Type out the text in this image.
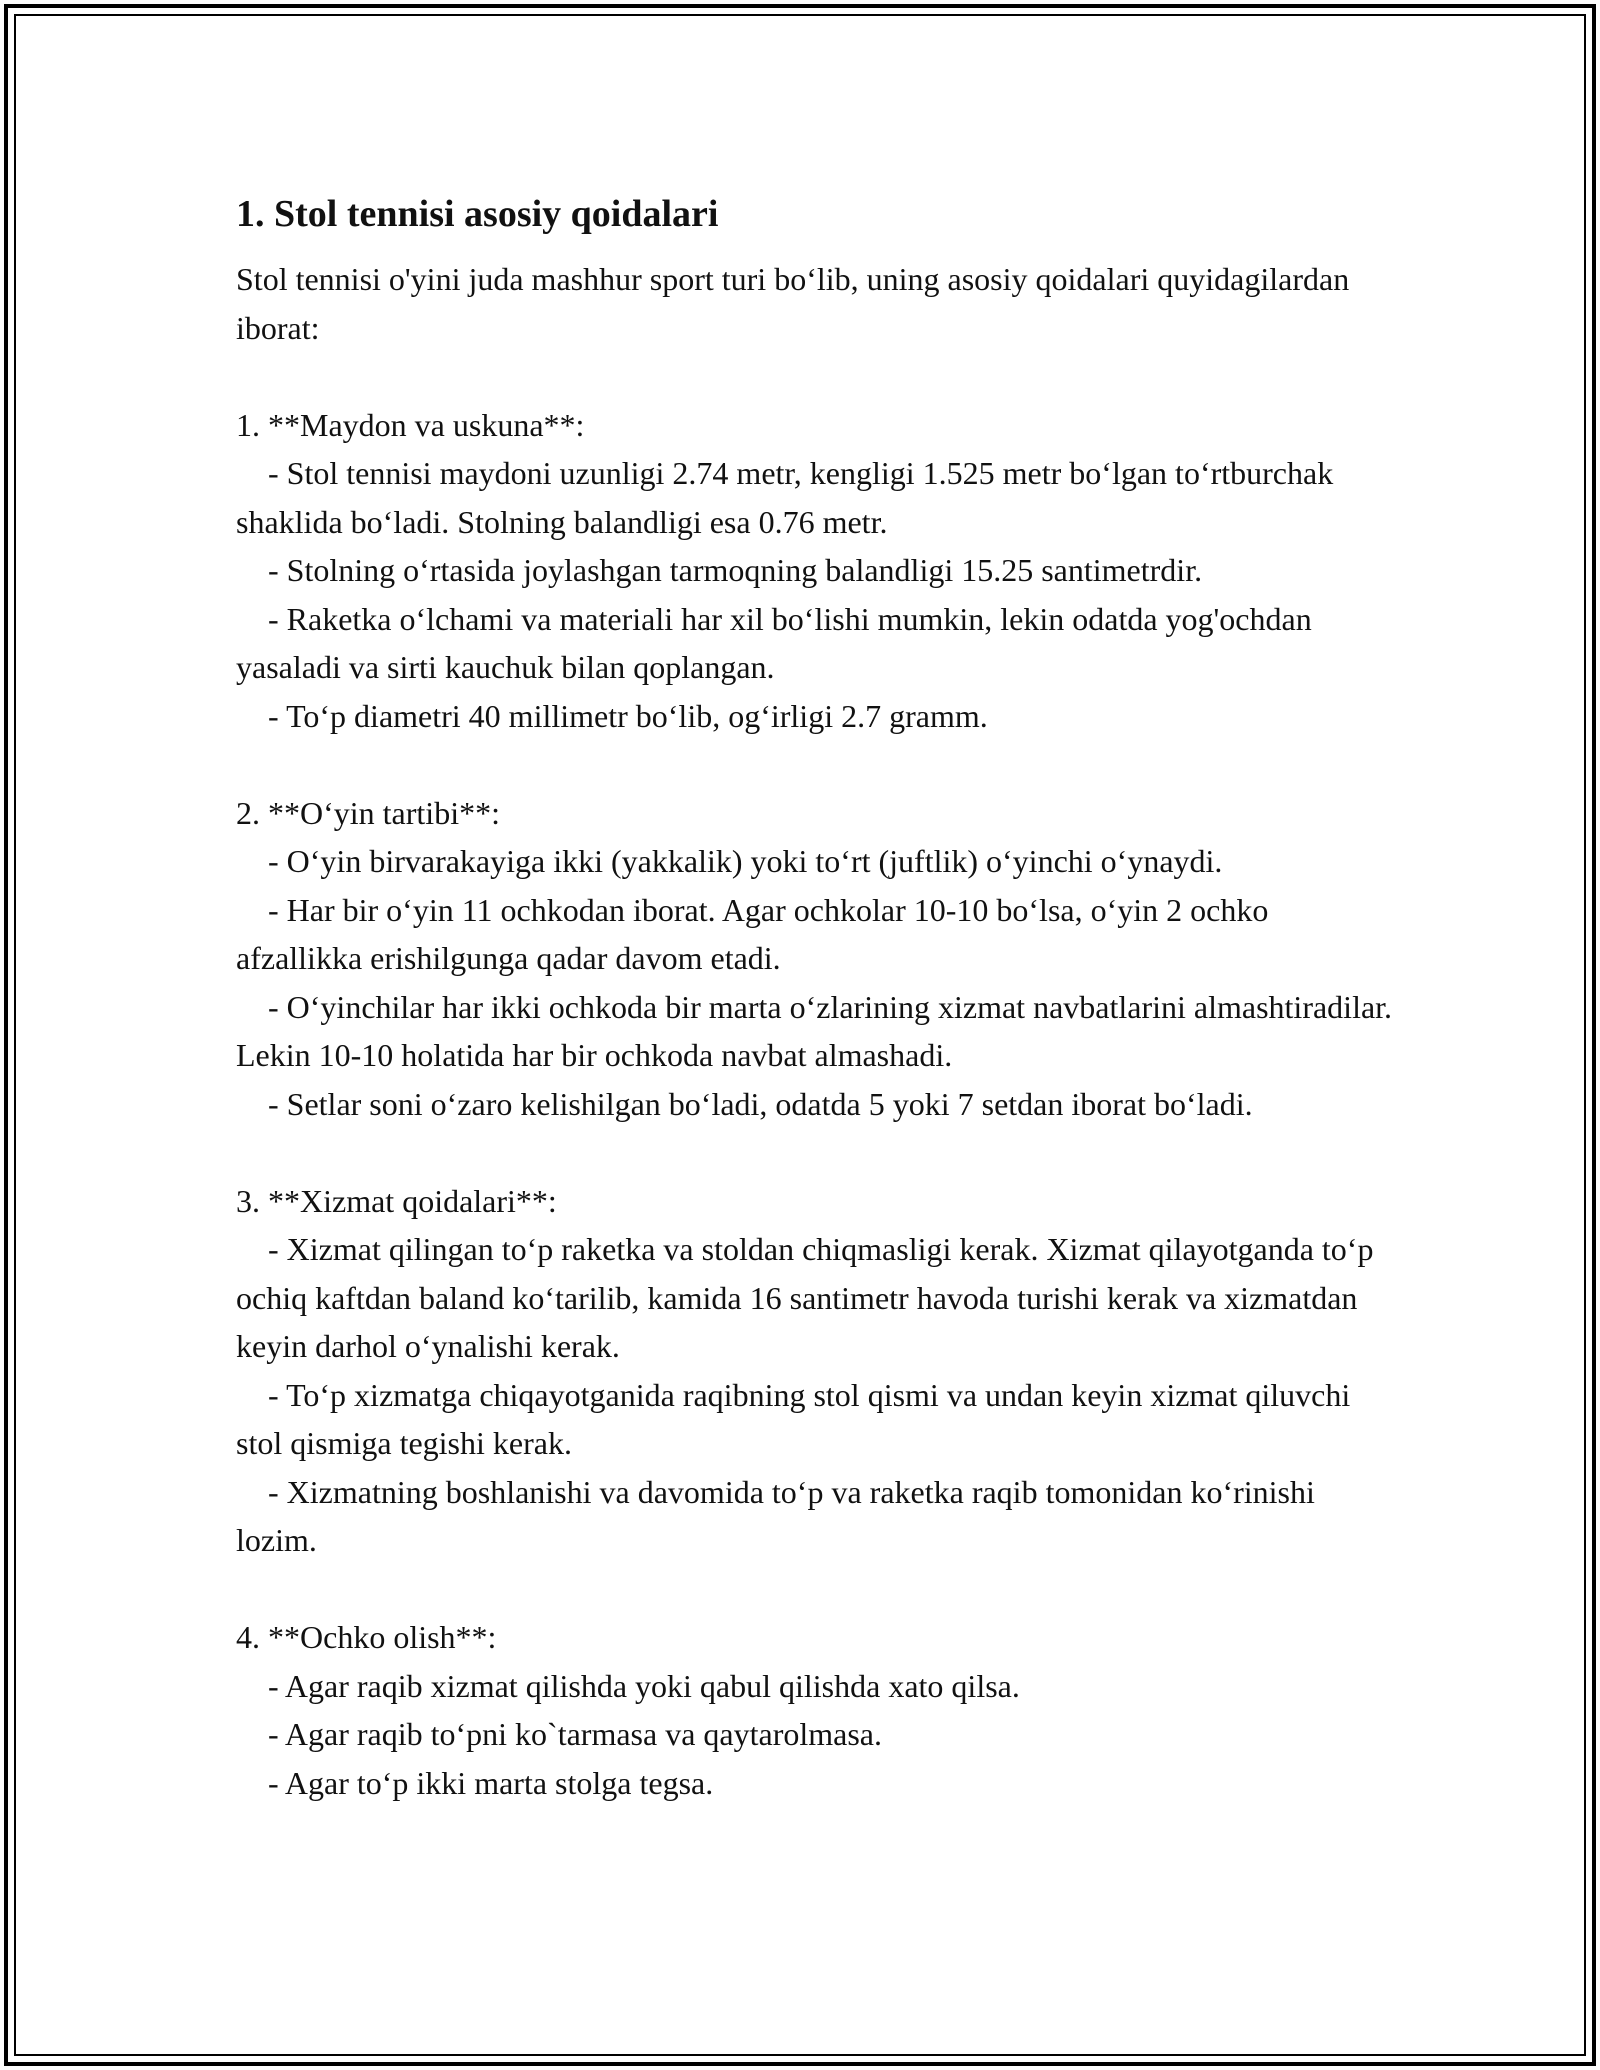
1. Stol tennisi asosiy qoidalari

Stol tennisi o'yini juda mashhur sport turi bo‘lib, uning asosiy qoidalari quyidagilardan iborat:

1. **Maydon va uskuna**:
- Stol tennisi maydoni uzunligi 2.74 metr, kengligi 1.525 metr bo‘lgan to‘rtburchak shaklida bo‘ladi. Stolning balandligi esa 0.76 metr.
- Stolning o‘rtasida joylashgan tarmoqning balandligi 15.25 santimetrdir.
- Raketka o‘lchami va materiali har xil bo‘lishi mumkin, lekin odatda yog'ochdan yasaladi va sirti kauchuk bilan qoplangan.
- To‘p diametri 40 millimetr bo‘lib, og‘irligi 2.7 gramm.
2. **O‘yin tartibi**:
- O‘yin birvarakayiga ikki (yakkalik) yoki to‘rt (juftlik) o‘yinchi o‘ynaydi.
- Har bir o‘yin 11 ochkodan iborat. Agar ochkolar 10-10 bo‘lsa, o‘yin 2 ochko afzallikka erishilgunga qadar davom etadi.
- O‘yinchilar har ikki ochkoda bir marta o‘zlarining xizmat navbatlarini almashtiradilar. Lekin 10-10 holatida har bir ochkoda navbat almashadi.
- Setlar soni o‘zaro kelishilgan bo‘ladi, odatda 5 yoki 7 setdan iborat bo‘ladi.
3. **Xizmat qoidalari**:
- Xizmat qilingan to‘p raketka va stoldan chiqmasligi kerak. Xizmat qilayotganda to‘p ochiq kaftdan baland ko‘tarilib, kamida 16 santimetr havoda turishi kerak va xizmatdan keyin darhol o‘ynalishi kerak.
- To‘p xizmatga chiqayotganida raqibning stol qismi va undan keyin xizmat qiluvchi stol qismiga tegishi kerak.
- Xizmatning boshlanishi va davomida to‘p va raketka raqib tomonidan ko‘rinishi lozim.
4. **Ochko olish**:
- Agar raqib xizmat qilishda yoki qabul qilishda xato qilsa.
- Agar raqib to‘pni ko`tarmasa va qaytarolmasa.
- Agar to‘p ikki marta stolga tegsa.
